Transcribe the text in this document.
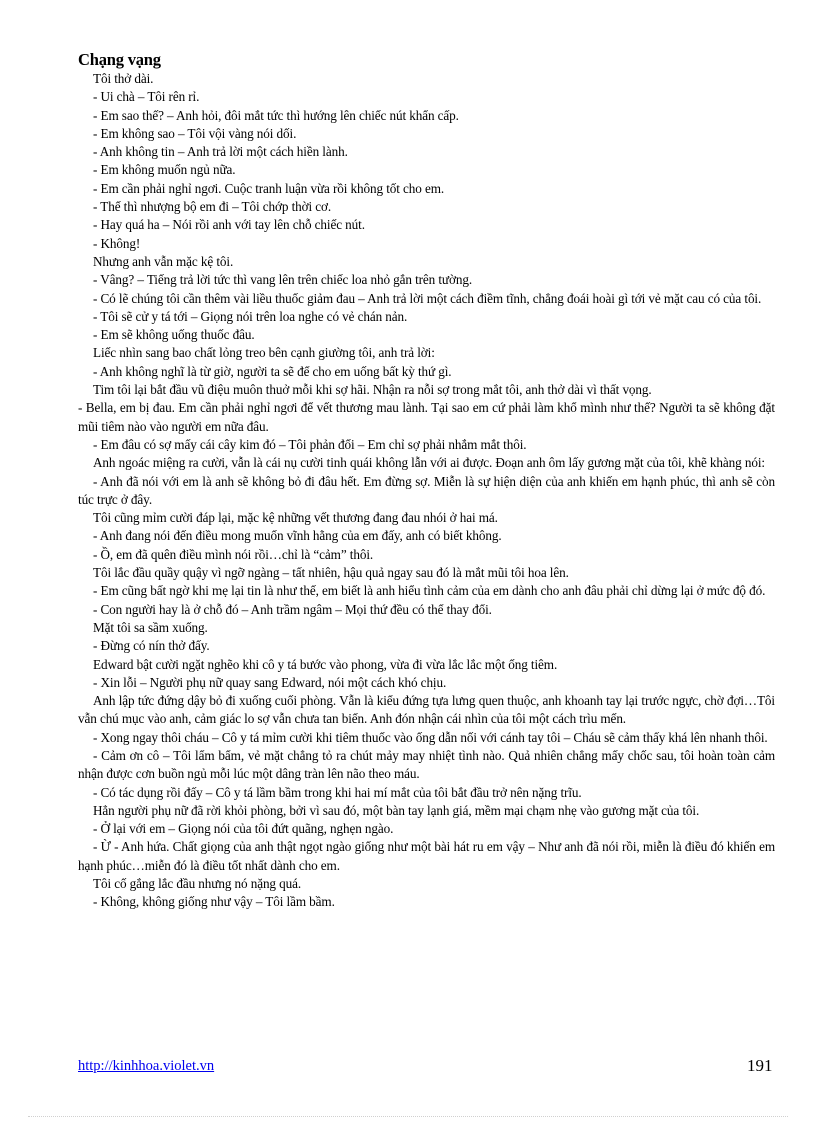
Chạng vạng

Tôi thở dài.

- Ui chà – Tôi rên rỉ.

- Em sao thế? – Anh hỏi, đôi mắt tức thì hướng lên chiếc nút khẩn cấp.

- Em không sao – Tôi vội vàng nói dối.

- Anh không tin – Anh trả lời một cách hiền lành.

- Em không muốn ngủ nữa.

- Em cần phải nghỉ ngơi. Cuộc tranh luận vừa rồi không tốt cho em.

- Thế thì nhượng bộ em đi – Tôi chớp thời cơ.

- Hay quá ha – Nói rồi anh với tay lên chỗ chiếc nút.

- Không!

Nhưng anh vẫn mặc kệ tôi.

- Vâng? – Tiếng trả lời tức thì vang lên trên chiếc loa nhỏ gắn trên tường.

- Có lẽ chúng tôi cần thêm vài liều thuốc giảm đau – Anh trả lời một cách điềm tĩnh, chẳng đoái hoài gì tới vẻ mặt cau có của tôi.

- Tôi sẽ cử y tá tới – Giọng nói trên loa nghe có vẻ chán nản.

- Em sẽ không uống thuốc đâu.

Liếc nhìn sang bao chất lỏng treo bên cạnh giường tôi, anh trả lời:

- Anh không nghĩ là từ giờ, người ta sẽ để cho em uống bất kỳ thứ gì.

Tim tôi lại bắt đầu vũ điệu muôn thuở mỗi khi sợ hãi. Nhận ra nỗi sợ trong mắt tôi, anh thở dài vì thất vọng.

- Bella, em bị đau. Em cần phải nghỉ ngơi để vết thương mau lành. Tại sao em cứ phải làm khổ mình như thế? Người ta sẽ không đặt mũi tiêm nào vào người em nữa đâu.

- Em đâu có sợ mấy cái cây kim đó – Tôi phản đối – Em chỉ sợ phải nhắm mắt thôi.

Anh ngoác miệng ra cười, vẫn là cái nụ cười tinh quái không lẫn với ai được. Đoạn anh ôm lấy gương mặt của tôi, khẽ khàng nói:

- Anh đã nói với em là anh sẽ không bỏ đi đâu hết. Em đừng sợ. Miễn là sự hiện diện của anh khiến em hạnh phúc, thì anh sẽ còn túc trực ở đây.

Tôi cũng mỉm cười đáp lại, mặc kệ những vết thương đang đau nhói ở hai má.

- Anh đang nói đến điều mong muốn vĩnh hằng của em đấy, anh có biết không.

- Ồ, em đã quên điều mình nói rồi…chỉ là “cảm” thôi.

Tôi lắc đầu quầy quậy vì ngỡ ngàng – tất nhiên, hậu quả ngay sau đó là mắt mũi tôi hoa lên.

- Em cũng bất ngờ khi mẹ lại tin là như thế, em biết là anh hiểu tình cảm của em dành cho anh đâu phải chỉ dừng lại ở mức độ đó.

- Con người hay là ở chỗ đó – Anh trầm ngâm – Mọi thứ đều có thể thay đổi.

Mặt tôi sa sầm xuống.

- Đừng có nín thở đấy.

Edward bật cười ngặt nghẽo khi cô y tá bước vào phong, vừa đi vừa lắc lắc một ống tiêm.

- Xin lỗi – Người phụ nữ quay sang Edward, nói một cách khó chịu.

Anh lập tức đứng dậy bỏ đi xuống cuối phòng. Vẫn là kiểu đứng tựa lưng quen thuộc, anh khoanh tay lại trước ngực, chờ đợi…Tôi vẫn chú mục vào anh, cảm giác lo sợ vẫn chưa tan biến. Anh đón nhận cái nhìn của tôi một cách trìu mến.

- Xong ngay thôi cháu – Cô y tá mỉm cười khi tiêm thuốc vào ống dẫn nối với cánh tay tôi – Cháu sẽ cảm thấy khá lên nhanh thôi.

- Cảm ơn cô – Tôi lẩm bẩm, vẻ mặt chẳng tỏ ra chút mảy may nhiệt tình nào. Quả nhiên chẳng mấy chốc sau, tôi hoàn toàn cảm nhận được cơn buồn ngủ mỗi lúc một dâng tràn lên não theo máu.

- Có tác dụng rồi đấy – Cô y tá lầm bầm trong khi hai mí mắt của tôi bắt đầu trở nên nặng trĩu.

Hẳn người phụ nữ đã rời khỏi phòng, bởi vì sau đó, một bàn tay lạnh giá, mềm mại chạm nhẹ vào gương mặt của tôi.

- Ở lại với em – Giọng nói của tôi đứt quãng, nghẹn ngào.

- Ừ - Anh hứa. Chất giọng của anh thật ngọt ngào giống như một bài hát ru em vậy – Như anh đã nói rồi, miễn là điều đó khiến em hạnh phúc…miễn đó là điều tốt nhất dành cho em.

Tôi cố gắng lắc đầu nhưng nó nặng quá.

- Không, không giống như vậy – Tôi lầm bầm.

http://kinhhoa.violet.vn	191
